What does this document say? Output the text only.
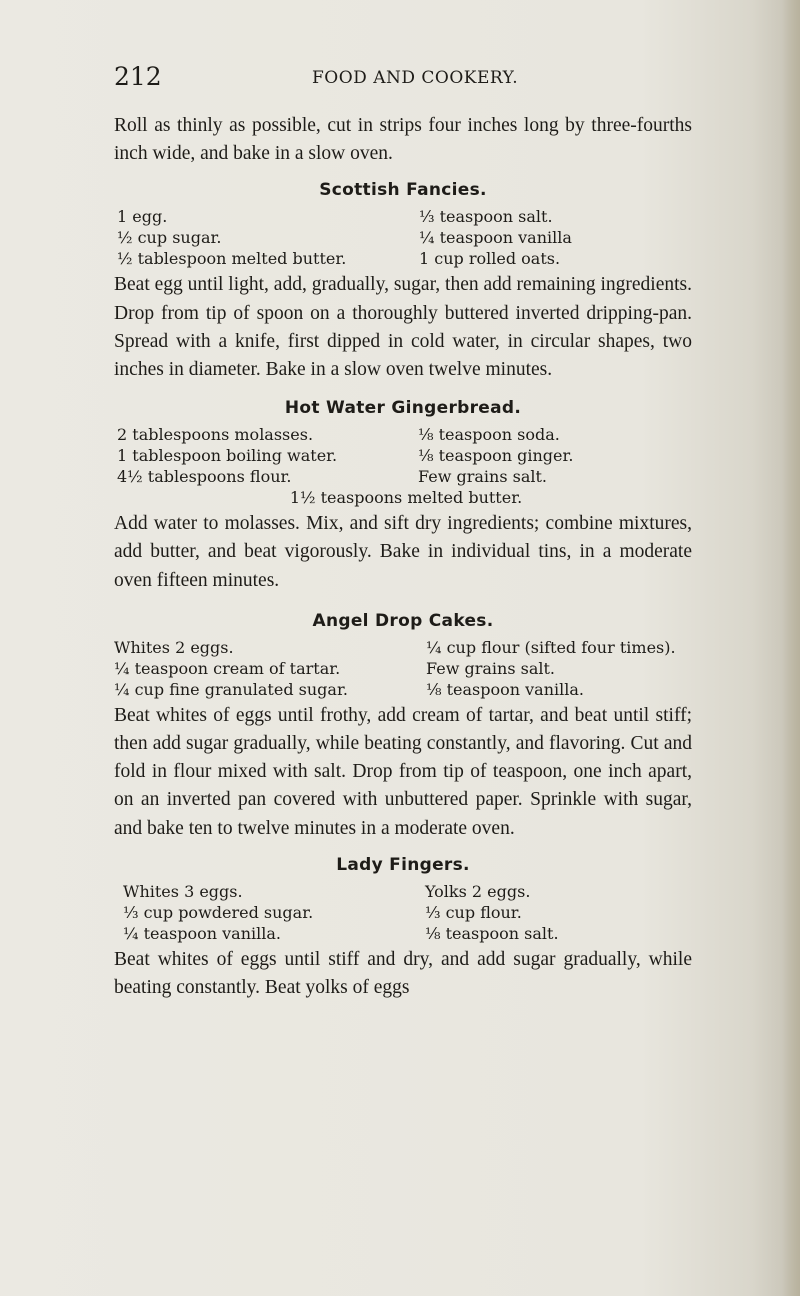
212	FOOD AND COOKERY.

Roll as thinly as possible, cut in strips four inches long by three-fourths inch wide, and bake in a slow oven.

Scottish Fancies.
1 egg.	⅓ teaspoon salt.
½ cup sugar.	¼ teaspoon vanilla
½ tablespoon melted butter.	1 cup rolled oats.

Beat egg until light, add, gradually, sugar, then add remaining ingredients. Drop from tip of spoon on a thoroughly buttered inverted dripping-pan. Spread with a knife, first dipped in cold water, in circular shapes, two inches in diameter. Bake in a slow oven twelve minutes.

Hot Water Gingerbread.
2 tablespoons molasses.	⅛ teaspoon soda.
1 tablespoon boiling water.	⅛ teaspoon ginger.
4½ tablespoons flour.	Few grains salt.
1½ teaspoons melted butter.

Add water to molasses. Mix, and sift dry ingredients; combine mixtures, add butter, and beat vigorously. Bake in individual tins, in a moderate oven fifteen minutes.

Angel Drop Cakes.
Whites 2 eggs.	¼ cup flour (sifted four times).
¼ teaspoon cream of tartar.	Few grains salt.
¼ cup fine granulated sugar.	⅛ teaspoon vanilla.

Beat whites of eggs until frothy, add cream of tartar, and beat until stiff; then add sugar gradually, while beating constantly, and flavoring. Cut and fold in flour mixed with salt. Drop from tip of teaspoon, one inch apart, on an inverted pan covered with unbuttered paper. Sprinkle with sugar, and bake ten to twelve minutes in a moderate oven.

Lady Fingers.
Whites 3 eggs.	Yolks 2 eggs.
⅓ cup powdered sugar.	⅓ cup flour.
¼ teaspoon vanilla.	⅛ teaspoon salt.

Beat whites of eggs until stiff and dry, and add sugar gradually, while beating constantly. Beat yolks of eggs
